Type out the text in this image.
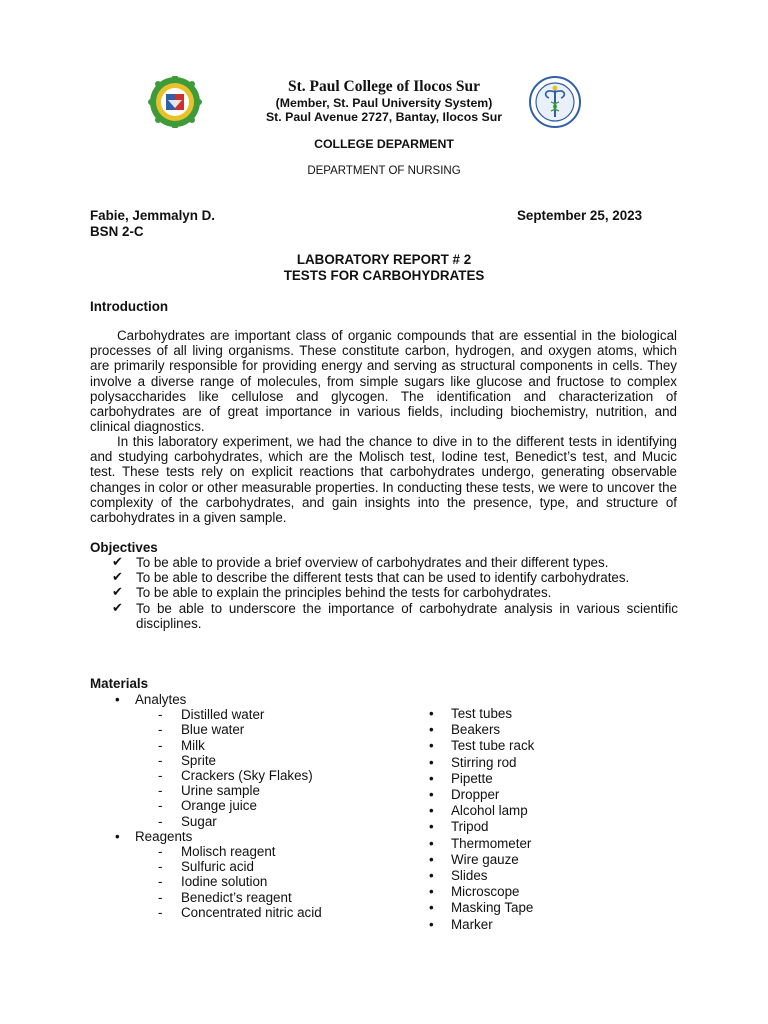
St. Paul College of Ilocos Sur
(Member, St. Paul University System)
St. Paul Avenue 2727, Bantay, Ilocos Sur
COLLEGE DEPARMENT
DEPARTMENT OF NURSING
Fabie, Jemmalyn D.
BSN 2-C
September 25, 2023
LABORATORY REPORT # 2
TESTS FOR CARBOHYDRATES
Introduction
Carbohydrates are important class of organic compounds that are essential in the biological processes of all living organisms. These constitute carbon, hydrogen, and oxygen atoms, which are primarily responsible for providing energy and serving as structural components in cells. They involve a diverse range of molecules, from simple sugars like glucose and fructose to complex polysaccharides like cellulose and glycogen. The identification and characterization of carbohydrates are of great importance in various fields, including biochemistry, nutrition, and clinical diagnostics.
In this laboratory experiment, we had the chance to dive in to the different tests in identifying and studying carbohydrates, which are the Molisch test, Iodine test, Benedict’s test, and Mucic test. These tests rely on explicit reactions that carbohydrates undergo, generating observable changes in color or other measurable properties. In conducting these tests, we were to uncover the complexity of the carbohydrates, and gain insights into the presence, type, and structure of carbohydrates in a given sample.
Objectives
✔ To be able to provide a brief overview of carbohydrates and their different types.
✔ To be able to describe the different tests that can be used to identify carbohydrates.
✔ To be able to explain the principles behind the tests for carbohydrates.
✔ To be able to underscore the importance of carbohydrate analysis in various scientific disciplines.
Materials
• Analytes
- Distilled water
- Blue water
- Milk
- Sprite
- Crackers (Sky Flakes)
- Urine sample
- Orange juice
- Sugar
• Reagents
- Molisch reagent
- Sulfuric acid
- Iodine solution
- Benedict’s reagent
- Concentrated nitric acid
• Test tubes
• Beakers
• Test tube rack
• Stirring rod
• Pipette
• Dropper
• Alcohol lamp
• Tripod
• Thermometer
• Wire gauze
• Slides
• Microscope
• Masking Tape
• Marker
